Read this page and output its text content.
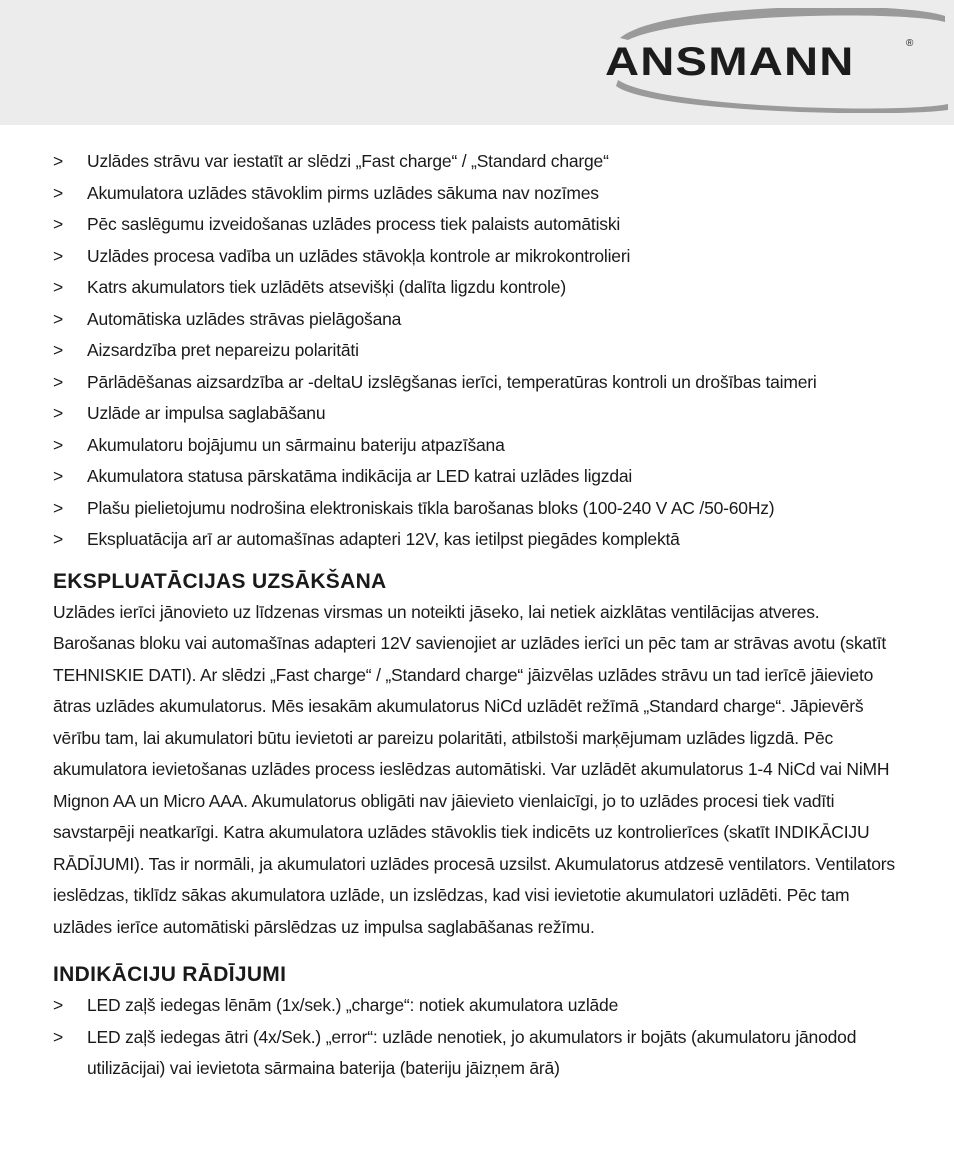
ANSMANN	®
> Uzlādes strāvu var iestatīt ar slēdzi „Fast charge“ / „Standard charge“
> Akumulatora uzlādes stāvoklim pirms uzlādes sākuma nav nozīmes
> Pēc saslēgumu izveidošanas uzlādes process tiek palaists automātiski
> Uzlādes procesa vadība un uzlādes stāvokļa kontrole ar mikrokontrolieri
> Katrs akumulators tiek uzlādēts atsevišķi (dalīta ligzdu kontrole)
> Automātiska uzlādes strāvas pielāgošana
> Aizsardzība pret nepareizu polaritāti
> Pārlādēšanas aizsardzība ar -deltaU izslēgšanas ierīci, temperatūras kontroli un drošības taimeri
> Uzlāde ar impulsa saglabāšanu
> Akumulatoru bojājumu un sārmainu bateriju atpazīšana
> Akumulatora statusa pārskatāma indikācija ar LED katrai uzlādes ligzdai
> Plašu pielietojumu nodrošina elektroniskais tīkla barošanas bloks (100-240 V AC /50-60Hz)
> Ekspluatācija arī ar automašīnas adapteri 12V, kas ietilpst piegādes komplektā
EKSPLUATĀCIJAS UZSĀKŠANA

Uzlādes ierīci jānovieto uz līdzenas virsmas un noteikti jāseko, lai netiek aizklātas ventilācijas atveres. Barošanas bloku vai automašīnas adapteri 12V savienojiet ar uzlādes ierīci un pēc tam ar strāvas avotu (skatīt TEHNISKIE DATI). Ar slēdzi „Fast charge“ / „Standard charge“ jāizvēlas uzlādes strāvu un tad ierīcē jāievieto ātras uzlādes akumulatorus. Mēs iesakām akumulatorus NiCd uzlādēt režīmā „Standard charge“. Jāpievērš vērību tam, lai akumulatori būtu ievietoti ar pareizu polaritāti, atbilstoši marķējumam uzlādes ligzdā. Pēc akumulatora ievietošanas uzlādes process ieslēdzas automātiski. Var uzlādēt akumulatorus 1-4 NiCd vai NiMH Mignon AA un Micro AAA. Akumulatorus obligāti nav jāievieto vienlaicīgi, jo to uzlādes procesi tiek vadīti savstarpēji neatkarīgi. Katra akumulatora uzlādes stāvoklis tiek indicēts uz kontrolierīces (skatīt INDIKĀCIJU RĀDĪJUMI). Tas ir normāli, ja akumulatori uzlādes procesā uzsilst. Akumulatorus atdzesē ventilators. Ventilators ieslēdzas, tiklīdz sākas akumulatora uzlāde, un izslēdzas, kad visi ievietotie akumulatori uzlādēti. Pēc tam uzlādes ierīce automātiski pārslēdzas uz impulsa saglabāšanas režīmu.

INDIKĀCIJU RĀDĪJUMI
> LED zaļš iedegas lēnām (1x/sek.) „charge“: notiek akumulatora uzlāde
> LED zaļš iedegas ātri (4x/Sek.) „error“: uzlāde nenotiek, jo akumulators ir bojāts (akumulatoru jānodod utilizācijai) vai ievietota sārmaina baterija (bateriju jāizņem ārā)
